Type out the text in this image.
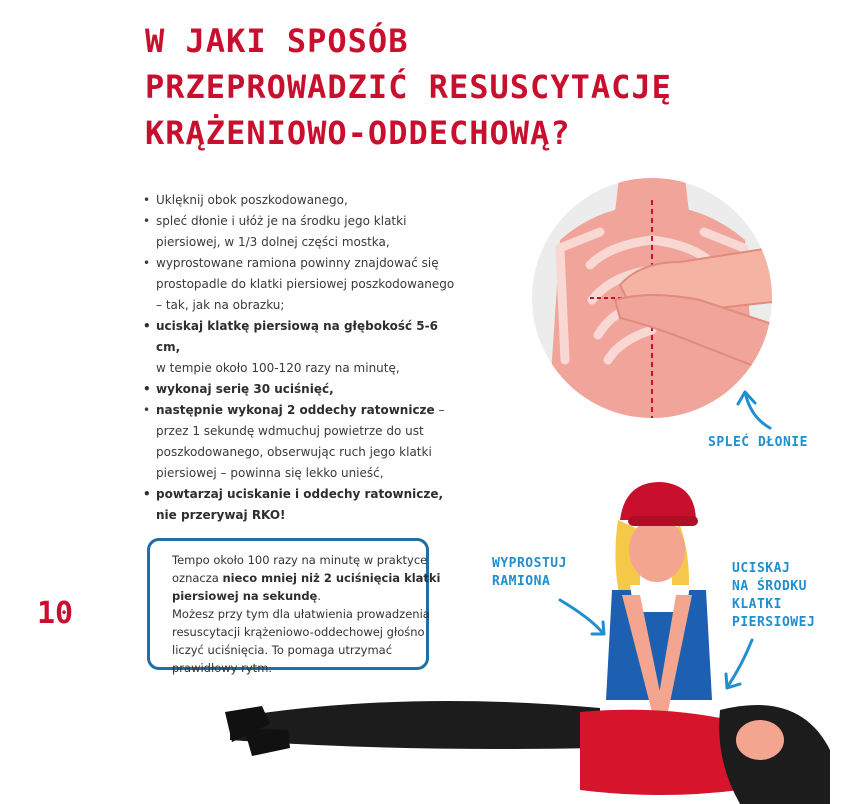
W JAKI SPOSÓB
PRZEPROWADZIĆ RESUSCYTACJĘ
KRĄŻENIOWO-ODDECHOWĄ?
• Uklęknij obok poszkodowanego,
• splеć dłonie i ułóż je na środku jego klatki
piersiowej, w 1/3 dolnej części mostka,
• wyprostowane ramiona powinny znajdować się
prostopadle do klatki piersiowej poszkodowanego
– tak, jak na obrazku;
• uciskaj klatkę piersiową na głębokość 5-6 cm,
w tempie około 100-120 razy na minutę,
• wykonaj serię 30 uciśnięć,
• następnie wykonaj 2 oddechy ratownicze –
przez 1 sekundę wdmuchuj powietrze do ust
poszkodowanego, obserwując ruch jego klatki
piersiowej – powinna się lekko unieść,
• powtarzaj uciskanie i oddechy ratownicze,
nie przerywaj RKO!
SPLEĆ DŁONIE
WYPROSTUJ
RAMIONA
UCISKAJ
NA ŚRODKU
KLATKI
PIERSIOWEJ
Tempo około 100 razy na minutę w praktyce
oznacza nieco mniej niż 2 uciśnięcia klatki
piersiowej na sekundę.
Możesz przy tym dla ułatwienia prowadzenia
resuscytacji krążeniowo-oddechowej głośno
liczyć uciśnięcia. To pomaga utrzymać
prawidłowy rytm.
10
